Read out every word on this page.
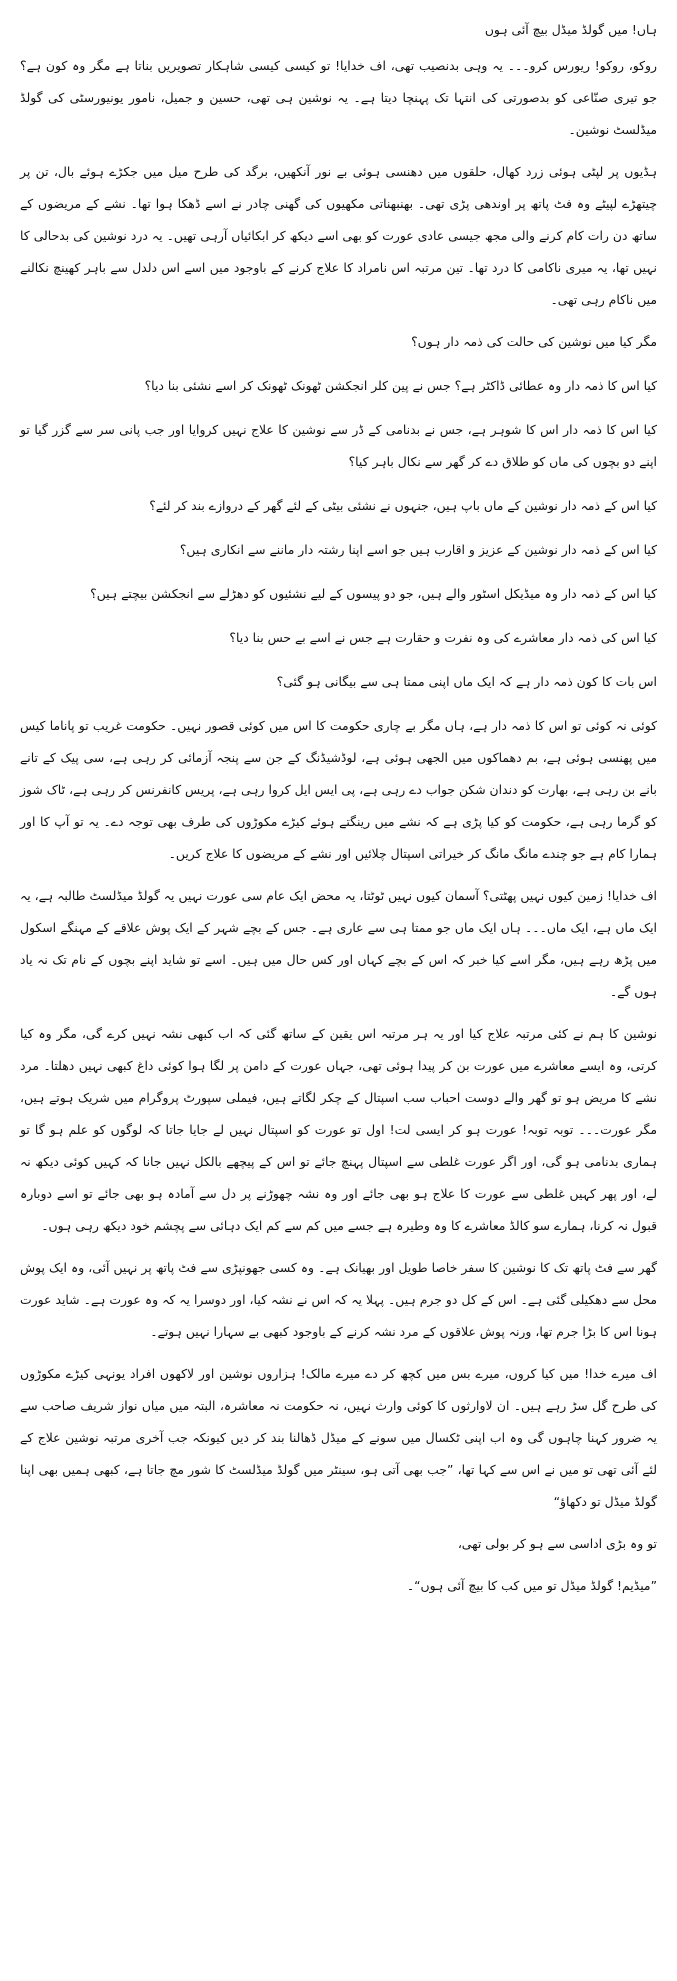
ہاں! میں گولڈ میڈل بیچ آئی ہوں

روکو، روکو! ریورس کرو۔۔۔ یہ وہی بدنصیب تھی، اف خدایا! تو کیسی کیسی شاہکار تصویریں بناتا ہے مگر وہ کون ہے؟ جو تیری صنّاعی کو بدصورتی کی انتہا تک پہنچا دیتا ہے۔ یہ نوشین ہی تھی، حسین و جمیل، نامور یونیورسٹی کی گولڈ میڈلسٹ نوشین۔

ہڈیوں پر لپٹی ہوئی زرد کھال، حلقوں میں دھنسی ہوئی بے نور آنکھیں، برگد کی طرح میل میں جکڑے ہوئے بال، تن پر چیتھڑے لپیٹے وہ فٹ پاتھ پر اوندھی پڑی تھی۔ بھنبھناتی مکھیوں کی گھنی چادر نے اسے ڈھکا ہوا تھا۔ نشے کے مریضوں کے ساتھ دن رات کام کرنے والی مجھ جیسی عادی عورت کو بھی اسے دیکھ کر ابکائیاں آرہی تھیں۔ یہ درد نوشین کی بدحالی کا نہیں تھا، یہ میری ناکامی کا درد تھا۔ تین مرتبہ اس نامراد کا علاج کرنے کے باوجود میں اسے اس دلدل سے باہر کھینچ نکالنے میں ناکام رہی تھی۔

مگر کیا میں نوشین کی حالت کی ذمہ دار ہوں؟

کیا اس کا ذمہ دار وہ عطائی ڈاکٹر ہے؟ جس نے پین کلر انجکشن ٹھونک ٹھونک کر اسے نشئی بنا دیا؟

کیا اس کا ذمہ دار اس کا شوہر ہے، جس نے بدنامی کے ڈر سے نوشین کا علاج نہیں کروایا اور جب پانی سر سے گزر گیا تو اپنے دو بچوں کی ماں کو طلاق دے کر گھر سے نکال باہر کیا؟

کیا اس کے ذمہ دار نوشین کے ماں باپ ہیں، جنہوں نے نشئی بیٹی کے لئے گھر کے دروازے بند کر لئے؟

کیا اس کے ذمہ دار نوشین کے عزیز و اقارب ہیں جو اسے اپنا رشتہ دار ماننے سے انکاری ہیں؟

کیا اس کے ذمہ دار وہ میڈیکل اسٹور والے ہیں، جو دو پیسوں کے لیے نشئیوں کو دھڑلے سے انجکشن بیچتے ہیں؟

کیا اس کی ذمہ دار معاشرے کی وہ نفرت و حقارت ہے جس نے اسے بے حس بنا دیا؟

اس بات کا کون ذمہ دار ہے کہ ایک ماں اپنی ممتا ہی سے بیگانی ہو گئی؟

کوئی نہ کوئی تو اس کا ذمہ دار ہے، ہاں مگر بے چاری حکومت کا اس میں کوئی قصور نہیں۔ حکومت غریب تو پاناما کیس میں پھنسی ہوئی ہے، بم دھماکوں میں الجھی ہوئی ہے، لوڈشیڈنگ کے جن سے پنجہ آزمائی کر رہی ہے، سی پیک کے تانے بانے بن رہی ہے، بھارت کو دندان شکن جواب دے رہی ہے، پی ایس ایل کروا رہی ہے، پریس کانفرنس کر رہی ہے، ٹاک شوز کو گرما رہی ہے، حکومت کو کیا پڑی ہے کہ نشے میں رینگتے ہوئے کیڑے مکوڑوں کی طرف بھی توجہ دے۔ یہ تو آپ کا اور ہمارا کام ہے جو چندے مانگ مانگ کر خیراتی اسپتال چلائیں اور نشے کے مریضوں کا علاج کریں۔

اف خدایا! زمین کیوں نہیں پھٹتی؟ آسمان کیوں نہیں ٹوٹتا، یہ محض ایک عام سی عورت نہیں یہ گولڈ میڈلسٹ طالبہ ہے، یہ ایک ماں ہے، ایک ماں۔۔۔ ہاں ایک ماں جو ممتا ہی سے عاری ہے۔ جس کے بچے شہر کے ایک پوش علاقے کے مہنگے اسکول میں پڑھ رہے ہیں، مگر اسے کیا خبر کہ اس کے بچے کہاں اور کس حال میں ہیں۔ اسے تو شاید اپنے بچوں کے نام تک نہ یاد ہوں گے۔

نوشین کا ہم نے کئی مرتبہ علاج کیا اور یہ ہر مرتبہ اس یقین کے ساتھ گئی کہ اب کبھی نشہ نہیں کرے گی، مگر وہ کیا کرتی، وہ ایسے معاشرے میں عورت بن کر پیدا ہوئی تھی، جہاں عورت کے دامن پر لگا ہوا کوئی داغ کبھی نہیں دھلتا۔ مرد نشے کا مریض ہو تو گھر والے دوست احباب سب اسپتال کے چکر لگاتے ہیں، فیملی سپورٹ پروگرام میں شریک ہوتے ہیں، مگر عورت۔۔۔ توبہ توبہ! عورت ہو کر ایسی لت! اول تو عورت کو اسپتال نہیں لے جایا جاتا کہ لوگوں کو علم ہو گا تو ہماری بدنامی ہو گی، اور اگر عورت غلطی سے اسپتال پہنچ جائے تو اس کے پیچھے بالکل نہیں جانا کہ کہیں کوئی دیکھ نہ لے، اور پھر کہیں غلطی سے عورت کا علاج ہو بھی جائے اور وہ نشہ چھوڑنے پر دل سے آمادہ ہو بھی جائے تو اسے دوبارہ قبول نہ کرنا، ہمارے سو کالڈ معاشرے کا وہ وطیرہ ہے جسے میں کم سے کم ایک دہائی سے پچشم خود دیکھ رہی ہوں۔

گھر سے فٹ پاتھ تک کا نوشین کا سفر خاصا طویل اور بھیانک ہے۔ وہ کسی جھونپڑی سے فٹ پاتھ پر نہیں آئی، وہ ایک پوش محل سے دھکیلی گئی ہے۔ اس کے کل دو جرم ہیں۔ پہلا یہ کہ اس نے نشہ کیا، اور دوسرا یہ کہ وہ عورت ہے۔ شاید عورت ہونا اس کا بڑا جرم تھا، ورنہ پوش علاقوں کے مرد نشہ کرنے کے باوجود کبھی بے سہارا نہیں ہوتے۔

اف میرے خدا! میں کیا کروں، میرے بس میں کچھ کر دے میرے مالک! ہزاروں نوشین اور لاکھوں افراد یونہی کیڑے مکوڑوں کی طرح گل سڑ رہے ہیں۔ ان لاوارثوں کا کوئی وارث نہیں، نہ حکومت نہ معاشرہ، البتہ میں میاں نواز شریف صاحب سے یہ ضرور کہنا چاہوں گی وہ اب اپنی ٹکسال میں سونے کے میڈل ڈھالنا بند کر دیں کیونکہ جب آخری مرتبہ نوشین علاج کے لئے آئی تھی تو میں نے اس سے کہا تھا، ”جب بھی آتی ہو، سینٹر میں گولڈ میڈلسٹ کا شور مچ جاتا ہے، کبھی ہمیں بھی اپنا گولڈ میڈل تو دکھاؤ“

تو وہ بڑی اداسی سے ہو کر بولی تھی،

”میڈیم! گولڈ میڈل تو میں کب کا بیچ آئی ہوں“۔
